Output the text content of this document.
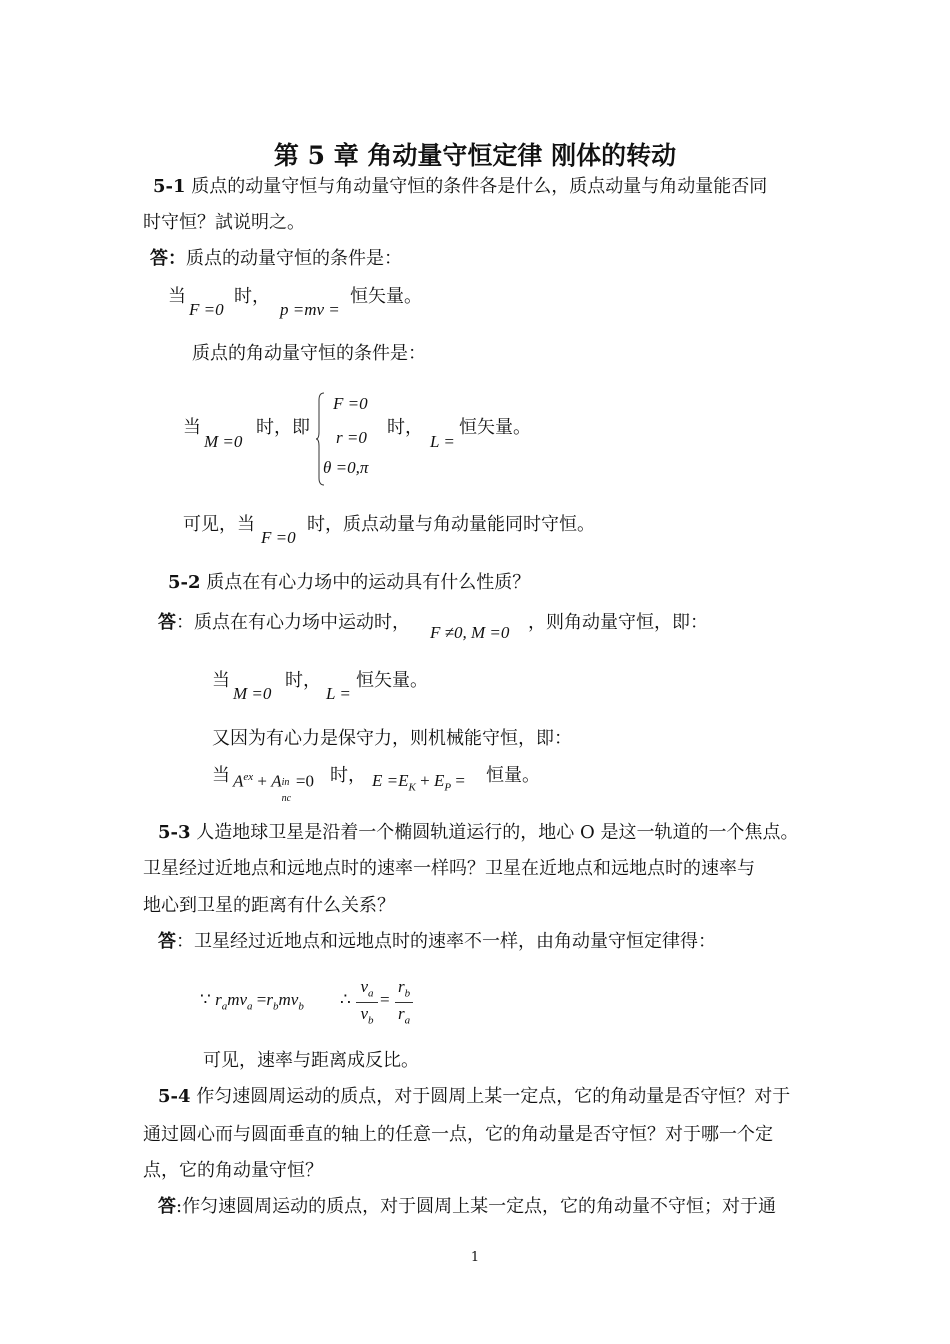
第 5 章 角动量守恒定律 刚体的转动
5-1 质点的动量守恒与角动量守恒的条件各是什么，质点动量与角动量能否同
时守恒？試说明之。
答：质点的动量守恒的条件是：
当
F =0
时，
p =mv =
恒矢量。
质点的角动量守恒的条件是：
当
M =0
时，即
F =0
r =0
θ =0,π
时，
L =
恒矢量。
可见，当
F =0
时，质点动量与角动量能同时守恒。
5-2 质点在有心力场中的运动具有什么性质？
答：质点在有心力场中运动时， F ≠0, M =0 ，则角动量守恒，即：
当
M =0
时，
L =
恒矢量。
又因为有心力是保守力，则机械能守恒，即：
当 $A^{ex} + A$ in
nc
=0 时， $E =E_K + E_P$ = 恒量。
5-3 人造地球卫星是沿着一个椭圆轨道运行的，地心 O 是这一轨道的一个焦点。
卫星经过近地点和远地点时的速率一样吗？卫星在近地点和远地点时的速率与
地心到卫星的距离有什么关系？
答：卫星经过近地点和远地点时的速率不一样，由角动量守恒定律得：
∵ $r_amv_a =r_bmv_b$ ∴
$v_a$
$v_b$
=
$r_b$
$r_a$
可见，速率与距离成反比。
5-4 作匀速圆周运动的质点，对于圆周上某一定点，它的角动量是否守恒？对于
通过圆心而与圆面垂直的轴上的任意一点，它的角动量是否守恒？对于哪一个定
点，它的角动量守恒？
答:作匀速圆周运动的质点，对于圆周上某一定点，它的角动量不守恒；对于通
1
